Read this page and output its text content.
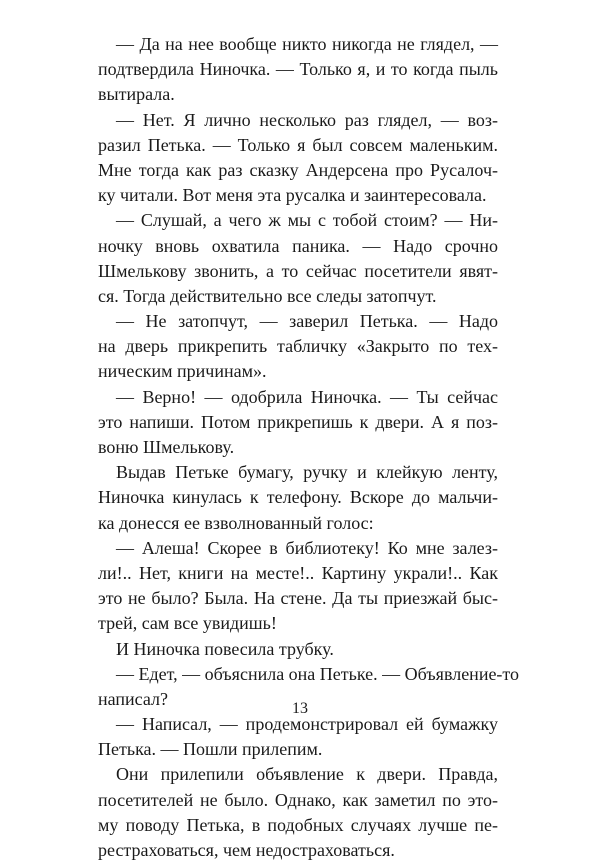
— Да на нее вообще никто никогда не глядел, —
подтвердила Ниночка. — Только я, и то когда пыль
вытирала.
— Нет. Я лично несколько раз глядел, — воз-
разил Петька. — Только я был совсем маленьким.
Мне тогда как раз сказку Андерсена про Русалоч-
ку читали. Вот меня эта русалка и заинтересовала.
— Слушай, а чего ж мы с тобой стоим? — Ни-
ночку вновь охватила паника. — Надо срочно
Шмелькову звонить, а то сейчас посетители явят-
ся. Тогда действительно все следы затопчут.
— Не затопчут, — заверил Петька. — Надо
на дверь прикрепить табличку «Закрыто по тех-
ническим причинам».
— Верно! — одобрила Ниночка. — Ты сейчас
это напиши. Потом прикрепишь к двери. А я поз-
воню Шмелькову.
Выдав Петьке бумагу, ручку и клейкую ленту,
Ниночка кинулась к телефону. Вскоре до мальчи-
ка донесся ее взволнованный голос:
— Алеша! Скорее в библиотеку! Ко мне залез-
ли!.. Нет, книги на месте!.. Картину украли!.. Как
это не было? Была. На стене. Да ты приезжай быс-
трей, сам все увидишь!
И Ниночка повесила трубку.
— Едет, — объяснила она Петьке. — Объявление-то
написал?
— Написал, — продемонстрировал ей бумажку
Петька. — Пошли прилепим.
Они прилепили объявление к двери. Правда,
посетителей не было. Однако, как заметил по это-
му поводу Петька, в подобных случаях лучше пе-
рестраховаться, чем недостраховаться.
13
